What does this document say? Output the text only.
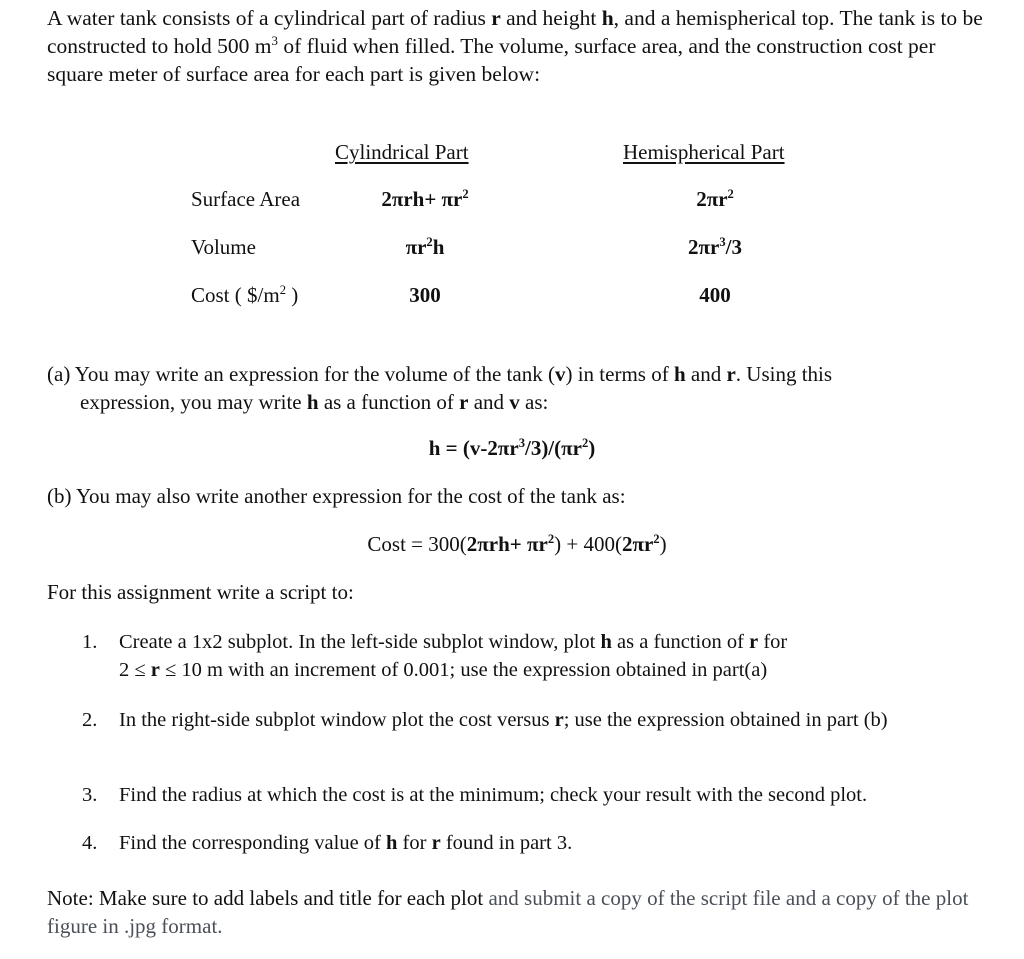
A water tank consists of a cylindrical part of radius r and height h, and a hemispherical top. The tank is to be constructed to hold 500 $m^3$ of fluid when filled. The volume, surface area, and the construction cost per square meter of surface area for each part is given below:

Cylindrical Part	Hemispherical Part
Surface Area
Volume
Cost ( $\$/m^2$ )
$2\pi rh+ \pi r^2$
$\pi r^2h$
300
$2\pi r^2$
$2\pi r^3/3$
400
(a) You may write an expression for the volume of the tank (v) in terms of h and r. Using this
expression, you may write h as a function of r and v as:
$h = (v-2\pi r^3/3)/(\pi r^2)$
(b) You may also write another expression for the cost of the tank as:
Cost = $300(2\pi rh+ \pi r^2) + 400(2\pi r^2)$
For this assignment write a script to:
1. Create a 1x2 subplot. In the left-side subplot window, plot h as a function of r for
2 ≤ r ≤ 10 m with an increment of 0.001; use the expression obtained in part(a)
2. In the right-side subplot window plot the cost versus r; use the expression obtained in part (b)
3. Find the radius at which the cost is at the minimum; check your result with the second plot.
4. Find the corresponding value of h for r found in part 3.
Note: Make sure to add labels and title for each plot and submit a copy of the script file and a copy of the plot figure in .jpg format.
